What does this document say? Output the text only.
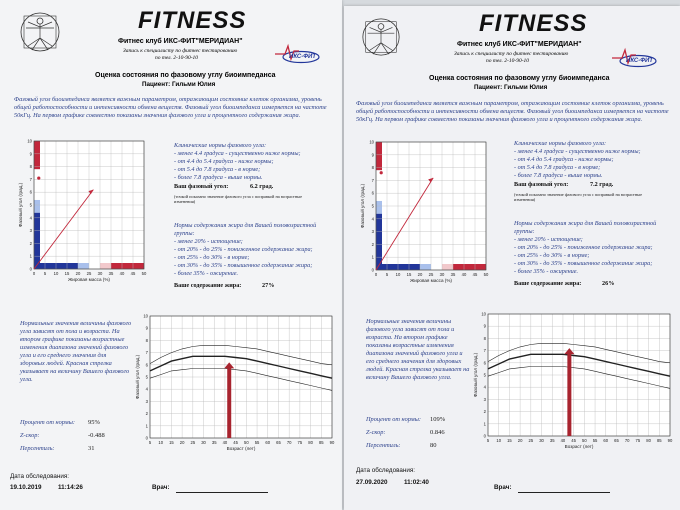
FITNESS
Фитнес клуб ИКС-ФИТ"МЕРИДИАН"
Запись к специалисту по фитнес тестированию
по тел. 2-10-90-10	ИКС-ФИТ
Оценка состояния по фазовому углу биоимпеданса
Пациент: Гильми Юлия
Фазовый угол биоимпеданса является важным параметром, отражающим состояние клеток организма, уровень общей работоспособности и интенсивности обмена веществ. Фазовый угол биоимпеданса измеряется на частоте 50кГц. На первом графике совместно показаны значения фазового угла и процентного содержания жира.
0 5 10 15 20 25 30 35 40 45 50
0
1
2
3
4
5
6
7
8
9
10
Жировая масса (%)
Фазовый угол (град.)
Клинические нормы фазового угла:
- менее 4.4 градуса - существенно ниже нормы;
- от 4.4 до 5.4 градуса - ниже нормы;
- от 5.4 до 7.8 градуса - в норме;
- более 7.8 градуса - выше нормы.
Ваш фазовый угол:	6.2 град.
(точкой показано значение фазового угла с поправкой на возрастные изменения)
Нормы содержания жира для Вашей половозрастной группы:
- менее 20% - истощение;
- от 20% - до 25% - пониженное содержание жира;
- от 25% - до 30% - в норме;
- от 30% - до 35% - повышенное содержание жира;
- более 35% - ожирение.
Ваше содержание жира:	27%
Нормальные значения величины фазового угла зависят от пола и возраста. На втором графике показаны возрастные изменения диапазона значений фазового угла и его среднего значения для здоровых людей. Красная стрелка указывает на величину Вашего фазового угла.
5 10 15 20 25 30 35 40 45 50 55 60 65 70 75 80 85 90
0
1
2
3
4
5
6
7
8
9
10
Возраст (лет)
Фазовый угол (град.)
Процент от нормы: 95%
Z-скор:	-0.488
Персентиль:	31
Дата обследования:
19.10.2019	11:14:26	Врач:
FITNESS
Фитнес клуб ИКС-ФИТ"МЕРИДИАН"
Запись к специалисту по фитнес тестированию
по тел. 2-10-90-10	ИКС-ФИТ
Оценка состояния по фазовому углу биоимпеданса
Пациент: Гильми Юлия
Фазовый угол биоимпеданса является важным параметром, отражающим состояние клеток организма, уровень общей работоспособности и интенсивности обмена веществ. Фазовый угол биоимпеданса измеряется на частоте 50кГц. На первом графике совместно показаны значения фазового угла и процентного содержания жира.
0 5 10 15 20 25 30 35 40 45 50
0
1
2
3
4
5
6
7
8
9
10
Жировая масса (%)
Фазовый угол (град.)
Клинические нормы фазового угла:
- менее 4.4 градуса - существенно ниже нормы;
- от 4.4 до 5.4 градуса - ниже нормы;
- от 5.4 до 7.8 градуса - в норме;
- более 7.8 градуса - выше нормы.
Ваш фазовый угол:	7.2 град.
(точкой показано значение фазового угла с поправкой на возрастные изменения)
Нормы содержания жира для Вашей половозрастной группы:
- менее 20% - истощение;
- от 20% - до 25% - пониженное содержание жира;
- от 25% - до 30% - в норме;
- от 30% - до 35% - повышенное содержание жира;
- более 35% - ожирение.
Ваше содержание жира:	26%
Нормальные значения величины фазового угла зависят от пола и возраста. На втором графике показаны возрастные изменения диапазона значений фазового угла и его среднего значения для здоровых людей. Красная стрелка указывает на величину Вашего фазового угла.
5 10 15 20 25 30 35 40 45 50 55 60 65 70 75 80 85 90
0
1
2
3
4
5
6
7
8
9
10
Возраст (лет)
Фазовый угол (град.)
Процент от нормы: 109%
Z-скор:	0.846
Персентиль:	80
Дата обследования:
27.09.2020	11:02:40
Врач:
